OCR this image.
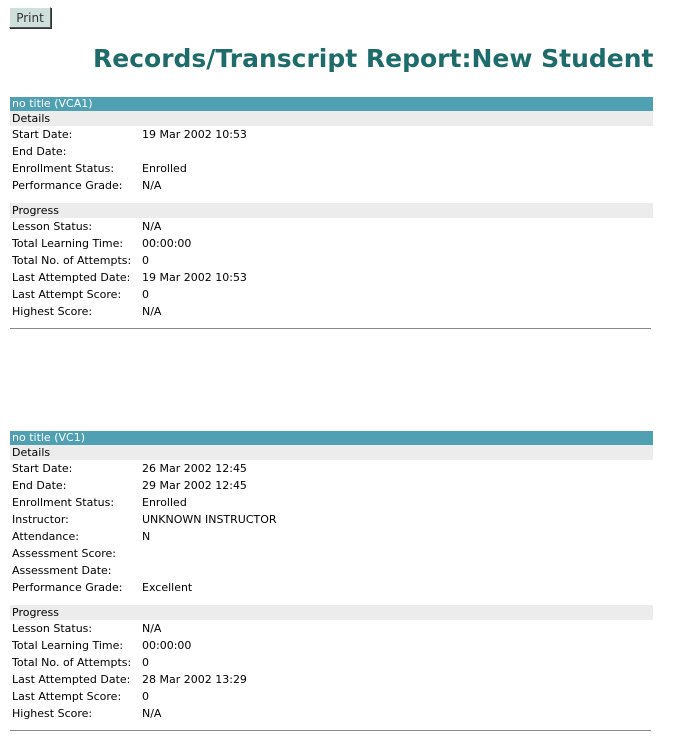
Print
Records/Transcript Report:New Student
no title (VCA1)
Details
Start Date:	19 Mar 2002 10:53
End Date:
Enrollment Status:	Enrolled
Performance Grade: N/A
Progress
Lesson Status:	N/A
Total Learning Time: 00:00:00
Total No. of Attempts: 0
Last Attempted Date: 19 Mar 2002 10:53
Last Attempt Score: 0
Highest Score:	N/A
no title (VC1)
Details
Start Date:	26 Mar 2002 12:45
End Date:	29 Mar 2002 12:45
Enrollment Status:	Enrolled
Instructor:	UNKNOWN INSTRUCTOR
Attendance:	N
Assessment Score:
Assessment Date:
Performance Grade: Excellent
Progress
Lesson Status:	N/A
Total Learning Time: 00:00:00
Total No. of Attempts: 0
Last Attempted Date: 28 Mar 2002 13:29
Last Attempt Score: 0
Highest Score:	N/A
